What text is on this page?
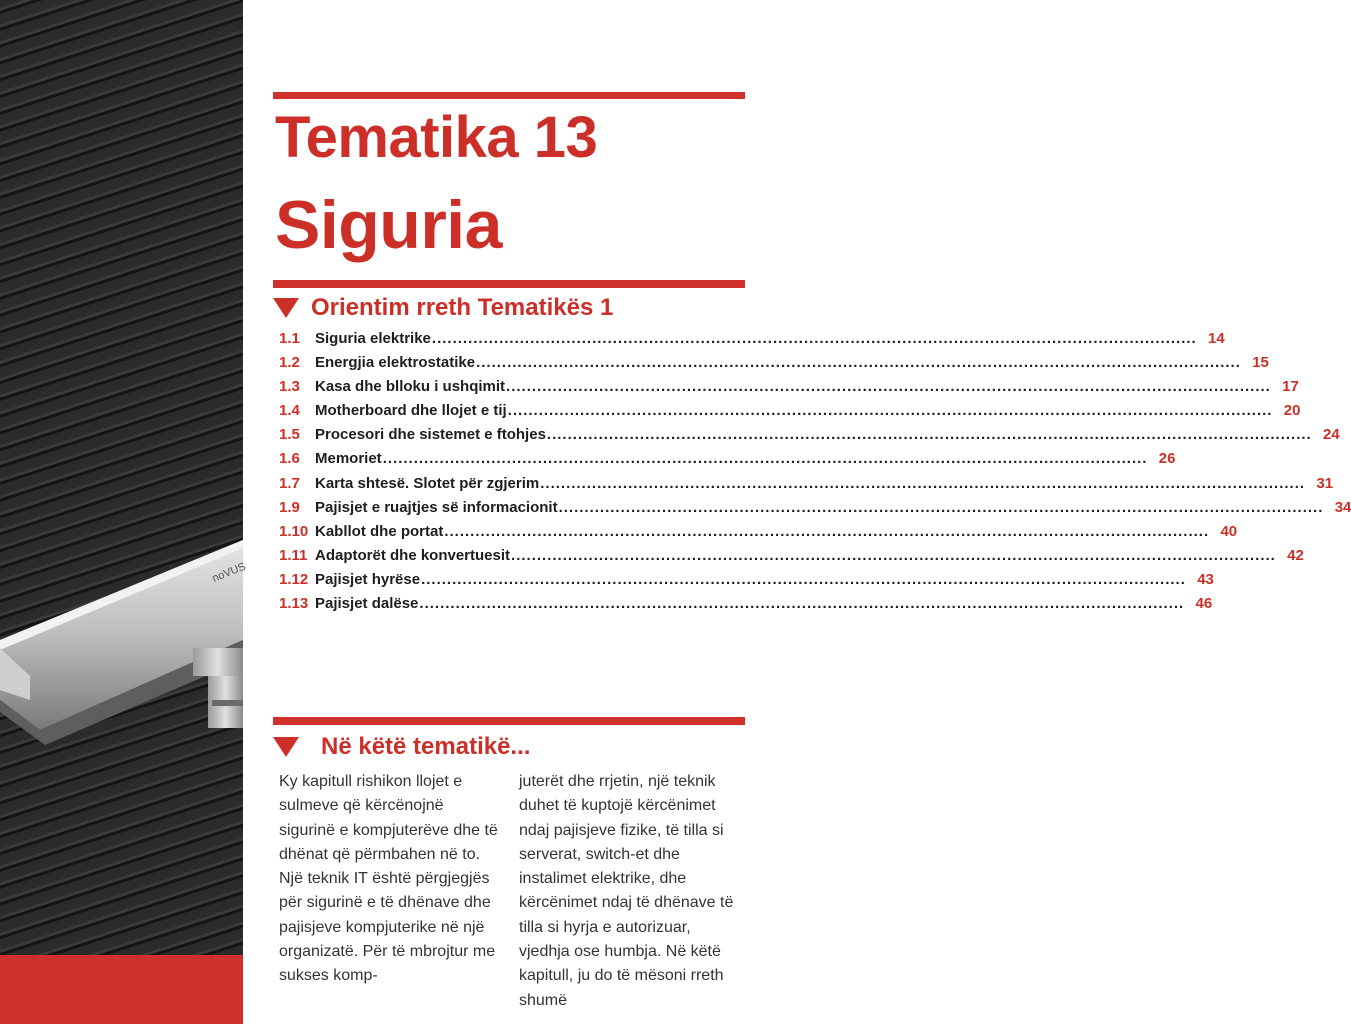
noVUS
Tematika 13
Siguria
Orientim rreth Tematikës 1
1.1	Siguria elektrike .....	14
1.2	Energjia elektrostatike .....	15
1.3	Kasa dhe blloku i ushqimit .....	17
1.4	Motherboard dhe llojet e tij .....	20
1.5	Procesori dhe sistemet e ftohjes .....	24
1.6	Memoriet .....	26
1.7	Karta shtesë. Slotet për zgjerim .....	31
1.9	Pajisjet e ruajtjes së informacionit .....	34
1.10 Kabllot dhe portat .....	40
1.11 Adaptorët dhe konvertuesit .....	42
1.12 Pajisjet hyrëse .....	43
1.13 Pajisjet dalëse .....	46
Në këtë tematikë...

Ky kapitull rishikon llojet e sulmeve që kërcënojnë sigurinë e kompjuterëve dhe të dhënat që përmbahen në to. Një teknik IT është përgjegjës për sigurinë e të dhënave dhe pajisjeve kompjuterike në një organizatë. Për të mbrojtur me sukses komp-

juterët dhe rrjetin, një teknik duhet të kuptojë kërcënimet ndaj pajisjeve fizike, të tilla si serverat, switch-et dhe instalimet elektrike, dhe kërcënimet ndaj të dhënave të tilla si hyrja e autorizuar, vjedhja ose humbja. Në këtë kapitull, ju do të mësoni rreth shumë
